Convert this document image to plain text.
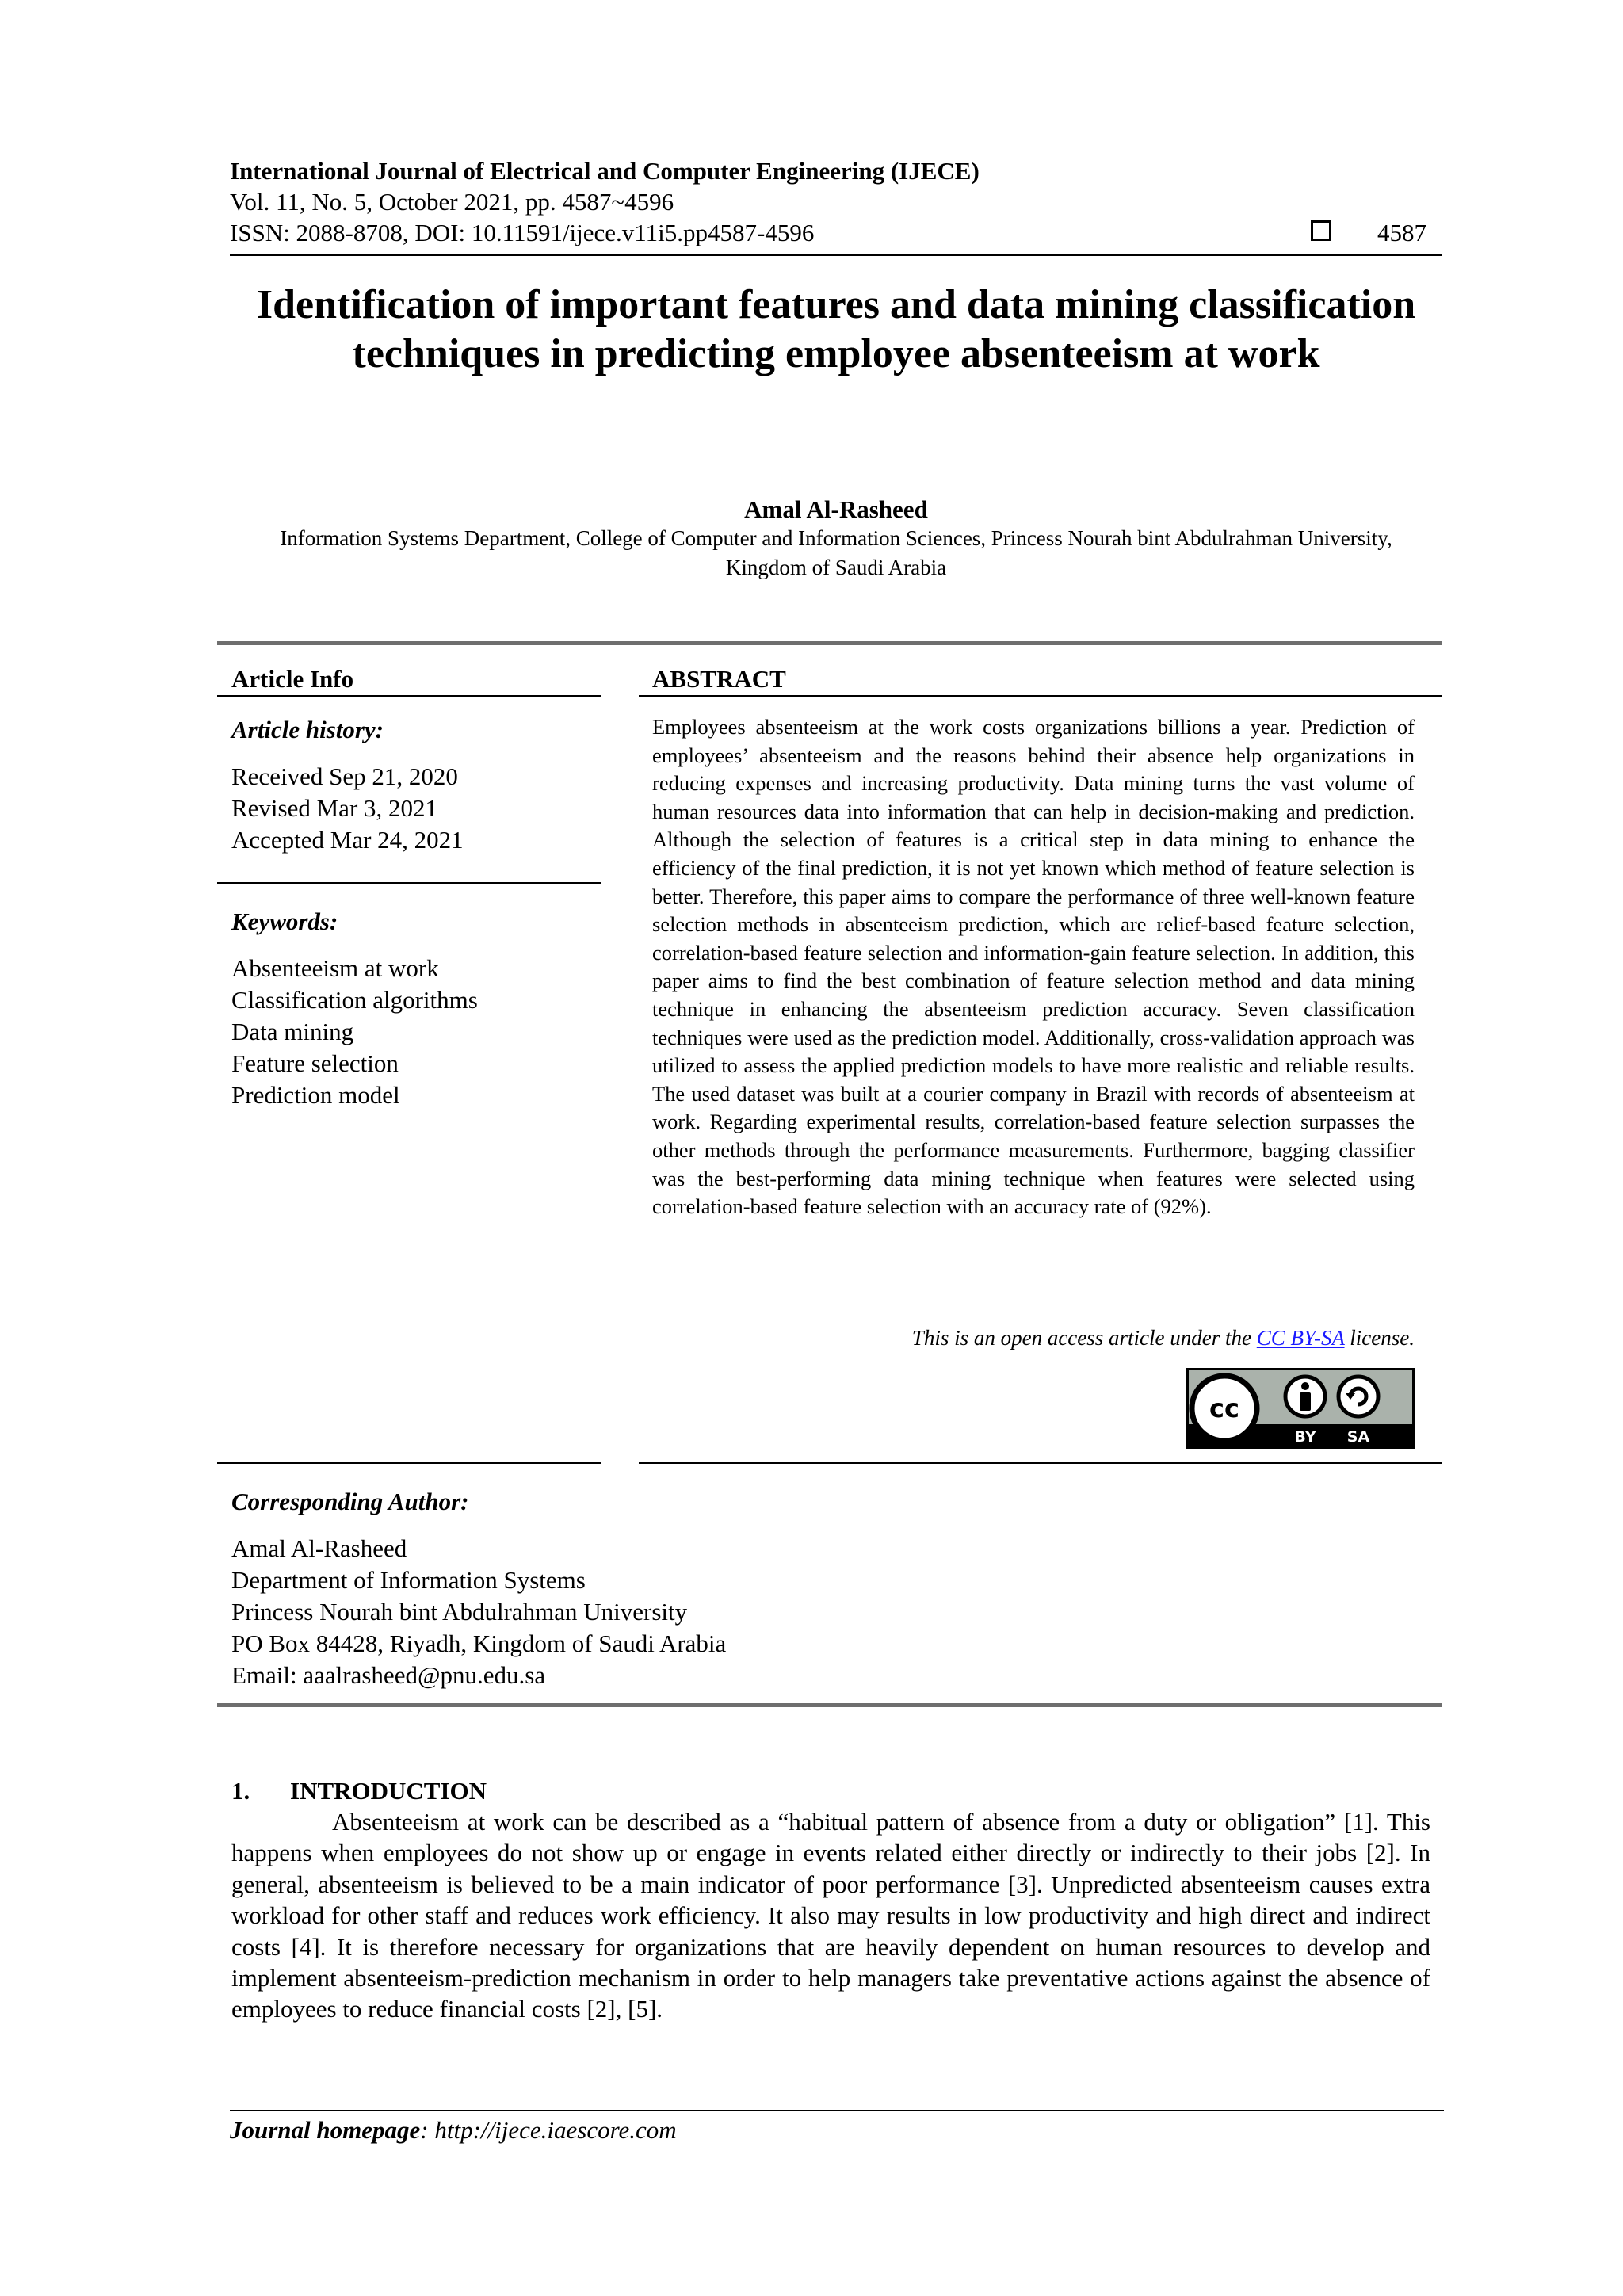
International Journal of Electrical and Computer Engineering (IJECE)
Vol. 11, No. 5, October 2021, pp. 4587~4596
ISSN: 2088-8708, DOI: 10.11591/ijece.v11i5.pp4587-4596	4587
Identification of important features and data mining classification techniques in predicting employee absenteeism at work
Amal Al-Rasheed
Information Systems Department, College of Computer and Information Sciences, Princess Nourah bint Abdulrahman University, Kingdom of Saudi Arabia
Article Info	ABSTRACT
Article history:
Received Sep 21, 2020
Revised Mar 3, 2021
Accepted Mar 24, 2021
Keywords:
Absenteeism at work
Classification algorithms
Data mining
Feature selection
Prediction model
Employees absenteeism at the work costs organizations billions a year. Prediction of employees’ absenteeism and the reasons behind their absence help organizations in reducing expenses and increasing productivity. Data mining turns the vast volume of human resources data into information that can help in decision-making and prediction. Although the selection of features is a critical step in data mining to enhance the efficiency of the final prediction, it is not yet known which method of feature selection is better. Therefore, this paper aims to compare the performance of three well-known feature selection methods in absenteeism prediction, which are relief-based feature selection, correlation-based feature selection and information-gain feature selection. In addition, this paper aims to find the best combination of feature selection method and data mining technique in enhancing the absenteeism prediction accuracy. Seven classification techniques were used as the prediction model. Additionally, cross-validation approach was utilized to assess the applied prediction models to have more realistic and reliable results. The used dataset was built at a courier company in Brazil with records of absenteeism at work. Regarding experimental results, correlation-based feature selection surpasses the other methods through the performance measurements. Furthermore, bagging classifier was the best-performing data mining technique when features were selected using correlation-based feature selection with an accuracy rate of (92%).
This is an open access article under the CC BY-SA license.
cc
BY SA
Corresponding Author:
Amal Al-Rasheed
Department of Information Systems
Princess Nourah bint Abdulrahman University
PO Box 84428, Riyadh, Kingdom of Saudi Arabia
Email: aaalrasheed@pnu.edu.sa
1. INTRODUCTION
Absenteeism at work can be described as a “habitual pattern of absence from a duty or obligation” [1]. This happens when employees do not show up or engage in events related either directly or indirectly to their jobs [2]. In general, absenteeism is believed to be a main indicator of poor performance [3]. Unpredicted absenteeism causes extra workload for other staff and reduces work efficiency. It also may results in low productivity and high direct and indirect costs [4]. It is therefore necessary for organizations that are heavily dependent on human resources to develop and implement absenteeism-prediction mechanism in order to help managers take preventative actions against the absence of employees to reduce financial costs [2], [5].
Journal homepage: http://ijece.iaescore.com
